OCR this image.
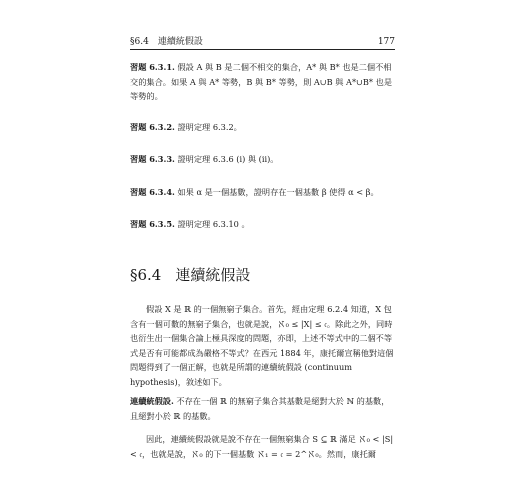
§6.4　連續統假設	177

習題 6.3.1. 假設 A 與 B 是二個不相交的集合，A* 與 B* 也是二個不相交的集合。如果 A 與 A* 等勢，B 與 B* 等勢，則 A∪B 與 A*∪B* 也是等勢的。

習題 6.3.2. 證明定理 6.3.2。

習題 6.3.3. 證明定理 6.3.6 (i) 與 (ii)。

習題 6.3.4. 如果 α 是一個基數，證明存在一個基數 β 使得 α < β。

習題 6.3.5. 證明定理 6.3.10 。

§6.4 連續統假設

假設 X 是 ℝ 的一個無窮子集合。首先，經由定理 6.2.4 知道，X 包含有一個可數的無窮子集合，也就是說，ℵ₀ ≤ |X| ≤ 𝔠。除此之外，同時也衍生出一個集合論上極具深度的問題，亦即，上述不等式中的二個不等式是否有可能都成為嚴格不等式？在西元 1884 年，康托爾宣稱他對這個問題得到了一個正解，也就是所謂的連續統假設 (continuum hypothesis)，敘述如下。

連續統假設. 不存在一個 ℝ 的無窮子集合其基數是絕對大於 ℕ 的基數，且絕對小於 ℝ 的基數。

因此，連續統假設就是說不存在一個無窮集合 S ⊆ ℝ 滿足 ℵ₀ < |S| < 𝔠，也就是說，ℵ₀ 的下一個基數 ℵ₁ = 𝔠 = 2^ℵ₀。然而，康托爾
